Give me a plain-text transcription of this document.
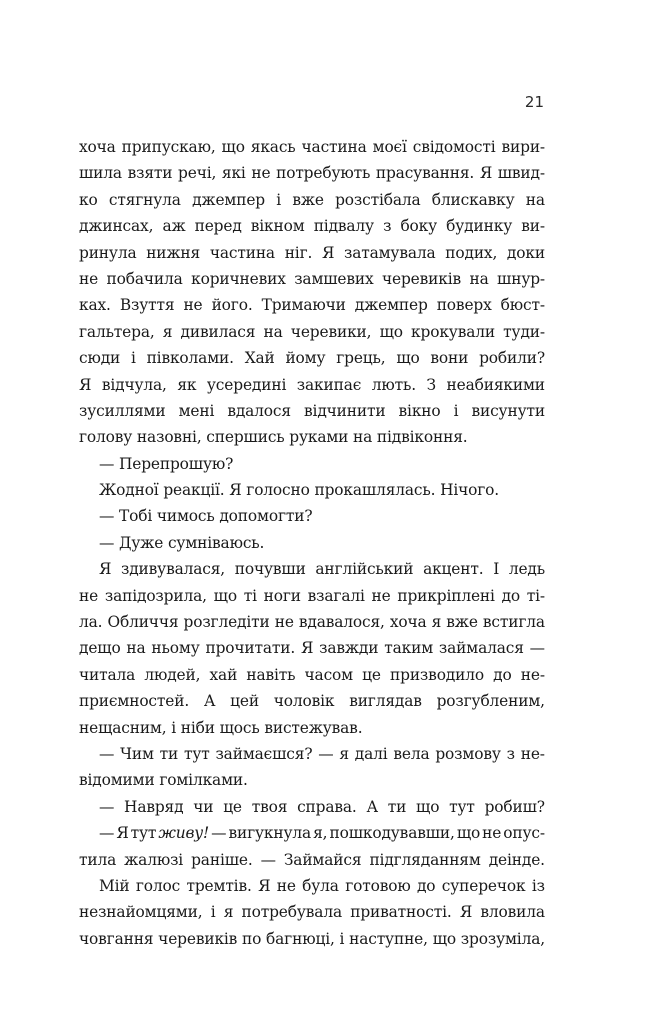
21
хоча припускаю, що якась частина моєї свідомості вири-
шила взяти речі, які не потребують прасування. Я швид-
ко стягнула джемпер і вже розстібала блискавку на
джинсах, аж перед вікном підвалу з боку будинку ви-
ринула нижня частина ніг. Я затамувала подих, доки
не побачила коричневих замшевих черевиків на шнур-
ках. Взуття не його. Тримаючи джемпер поверх бюст-
гальтера, я дивилася на черевики, що крокували туди-
сюди і півколами. Хай йому грець, що вони робили?
Я відчула, як усередині закипає лють. З неабиякими
зусиллями мені вдалося відчинити вікно і висунути
голову назовні, спершись руками на підвіконня.
— Перепрошую?
Жодної реакції. Я голосно прокашлялась. Нічого.
— Тобі чимось допомогти?
— Дуже сумніваюсь.
Я здивувалася, почувши англійський акцент. І ледь
не запідозрила, що ті ноги взагалі не прикріплені до ті-
ла. Обличчя розгледіти не вдавалося, хоча я вже встигла
дещо на ньому прочитати. Я завжди таким займалася —
читала людей, хай навіть часом це призводило до не-
приємностей. А цей чоловік виглядав розгубленим,
нещасним, і ніби щось вистежував.
— Чим ти тут займаєшся? — я далі вела розмову з не-
відомими гомілками.
— Навряд чи це твоя справа. А ти що тут робиш?
— Я тут живу! — вигукнула я, пошкодувавши, що не опус-
тила жалюзі раніше. — Займайся підгляданням деінде.
Мій голос тремтів. Я не була готовою до суперечок із
незнайомцями, і я потребувала приватності. Я вловила
човгання черевиків по багнюці, і наступне, що зрозуміла,
